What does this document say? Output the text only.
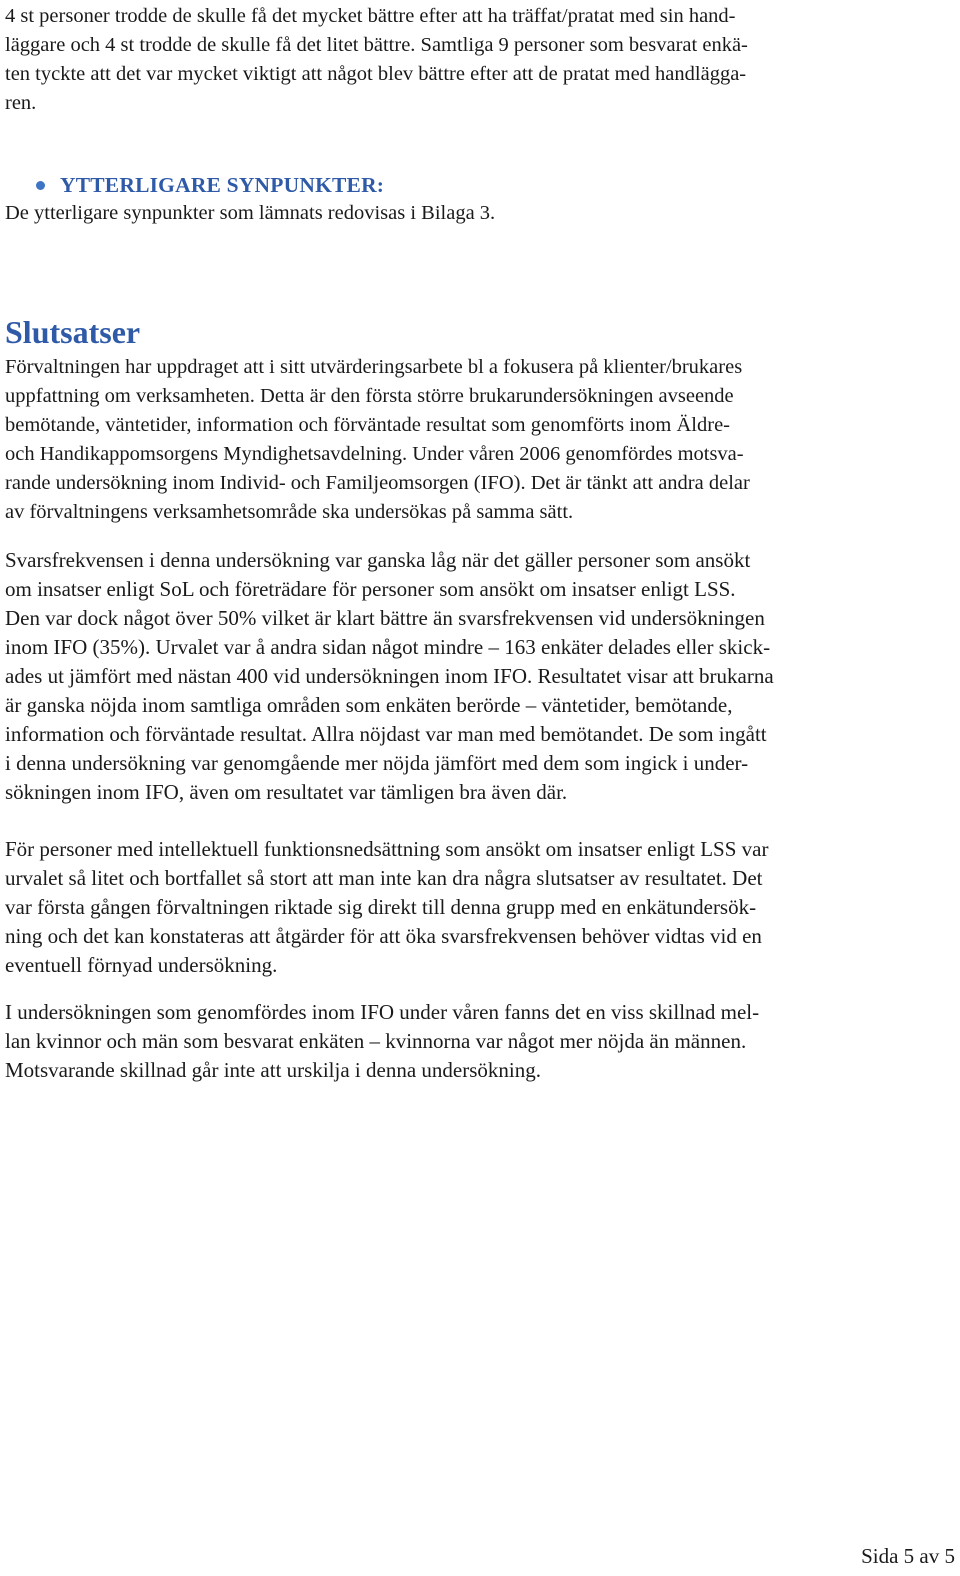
4 st personer trodde de skulle få det mycket bättre efter att ha träffat/pratat med sin hand-
läggare och 4 st trodde de skulle få det litet bättre. Samtliga 9 personer som besvarat enkä-
ten tyckte att det var mycket viktigt att något blev bättre efter att de pratat med handlägga-
ren.

YTTERLIGARE SYNPUNKTER:

De ytterligare synpunkter som lämnats redovisas i Bilaga 3.

Slutsatser

Förvaltningen har uppdraget att i sitt utvärderingsarbete bl a fokusera på klienter/brukares
uppfattning om verksamheten. Detta är den första större brukarundersökningen avseende
bemötande, väntetider, information och förväntade resultat som genomförts inom Äldre-
och Handikappomsorgens Myndighetsavdelning. Under våren 2006 genomfördes motsva-
rande undersökning inom Individ- och Familjeomsorgen (IFO). Det är tänkt att andra delar
av förvaltningens verksamhetsområde ska undersökas på samma sätt.

Svarsfrekvensen i denna undersökning var ganska låg när det gäller personer som ansökt
om insatser enligt SoL och företrädare för personer som ansökt om insatser enligt LSS.
Den var dock något över 50% vilket är klart bättre än svarsfrekvensen vid undersökningen
inom IFO (35%). Urvalet var å andra sidan något mindre – 163 enkäter delades eller skick-
ades ut jämfört med nästan 400 vid undersökningen inom IFO. Resultatet visar att brukarna
är ganska nöjda inom samtliga områden som enkäten berörde – väntetider, bemötande,
information och förväntade resultat. Allra nöjdast var man med bemötandet. De som ingått
i denna undersökning var genomgående mer nöjda jämfört med dem som ingick i under-
sökningen inom IFO, även om resultatet var tämligen bra även där.

För personer med intellektuell funktionsnedsättning som ansökt om insatser enligt LSS var
urvalet så litet och bortfallet så stort att man inte kan dra några slutsatser av resultatet. Det
var första gången förvaltningen riktade sig direkt till denna grupp med en enkätundersök-
ning och det kan konstateras att åtgärder för att öka svarsfrekvensen behöver vidtas vid en
eventuell förnyad undersökning.

I undersökningen som genomfördes inom IFO under våren fanns det en viss skillnad mel-
lan kvinnor och män som besvarat enkäten – kvinnorna var något mer nöjda än männen.
Motsvarande skillnad går inte att urskilja i denna undersökning.

Sida 5 av 5
